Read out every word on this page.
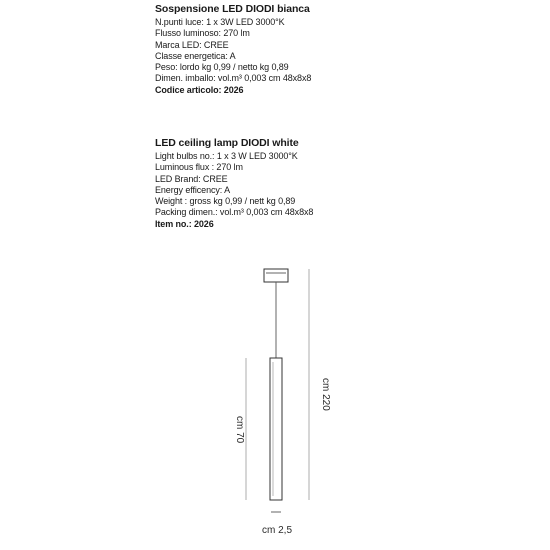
Sospensione LED DIODI bianca
N.punti luce: 1 x 3W LED 3000°K
Flusso luminoso: 270 lm
Marca LED: CREE
Classe energetica: A
Peso: lordo kg 0,99 / netto kg 0,89
Dimen. imballo: vol.m³ 0,003 cm 48x8x8
Codice articolo: 2026
LED ceiling lamp DIODI white
Light bulbs no.: 1 x 3 W LED 3000°K
Luminous flux : 270 lm
LED Brand: CREE
Energy efficency: A
Weight : gross kg 0,99 / nett kg 0,89
Packing dimen.: vol.m³ 0,003 cm 48x8x8
Item no.: 2026
cm 220
cm 70
cm 2,5
